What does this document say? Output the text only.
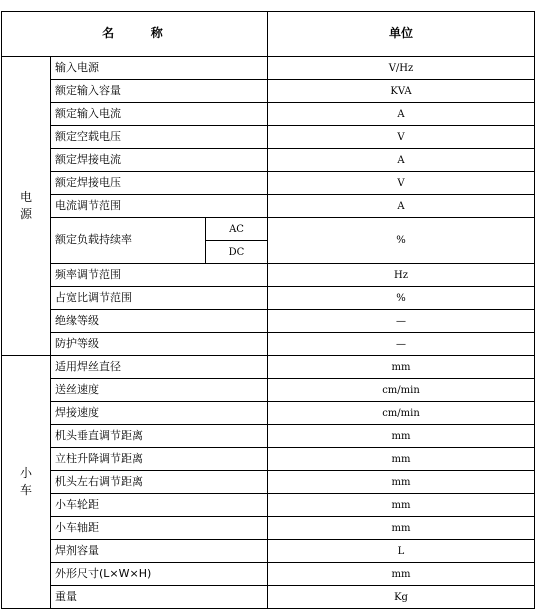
名　　称			单位	

电
源	输入电源		V/Hz	
	额定输入容量		KVA	
	额定输入电流		A	
	额定空载电压		V	
	额定焊接电流		A	
	额定焊接电压		V	
	电流调节范围		A	
	额定负载持续率	AC	%	
		DC	
	频率调节范围		Hz	
	占宽比调节范围		%	
	绝缘等级		—	
	防护等级		—	

小
车	适用焊丝直径		mm	
	送丝速度		cm/min	
	焊接速度		cm/min	
	机头垂直调节距离		mm	
	立柱升降调节距离		mm	
	机头左右调节距离		mm	
	小车轮距		mm	
	小车轴距		mm	
	焊剂容量		L	
	外形尺寸(L×W×H)		mm	
	重量		Kg	
